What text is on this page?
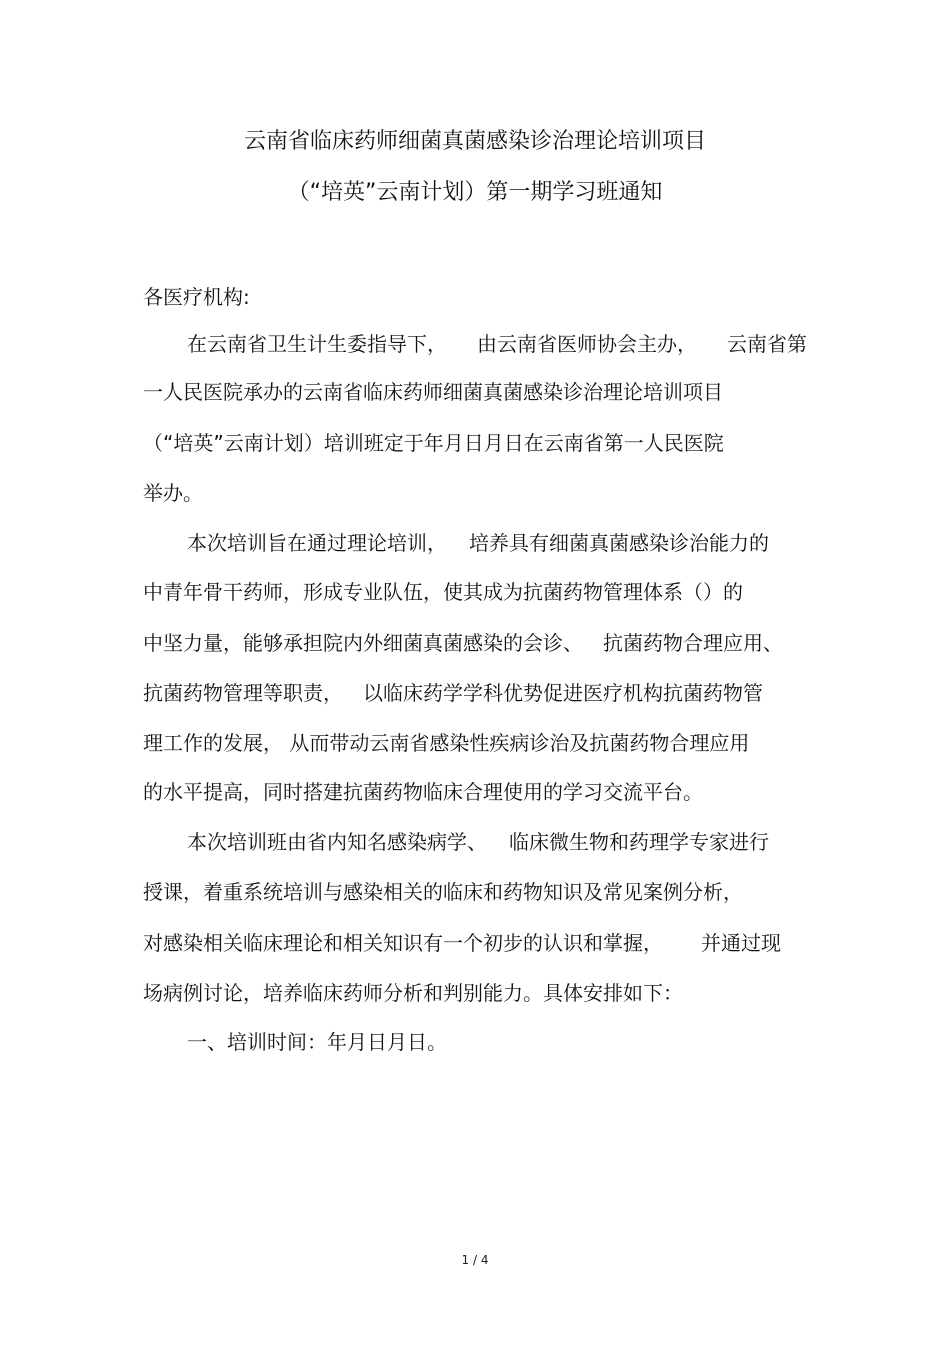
云南省临床药师细菌真菌感染诊治理论培训项目
（“培英”云南计划）第一期学习班通知
各医疗机构:
在云南省卫生计生委指导下， 由云南省医师协会主办， 云南省第
一人民医院承办的云南省临床药师细菌真菌感染诊治理论培训项目
（“培英”云南计划）培训班定于年月日月日在云南省第一人民医院
举办。
本次培训旨在通过理论培训， 培养具有细菌真菌感染诊治能力的
中青年骨干药师，形成专业队伍，使其成为抗菌药物管理体系（）的
中坚力量，能够承担院内外细菌真菌感染的会诊、 抗菌药物合理应用、
抗菌药物管理等职责， 以临床药学学科优势促进医疗机构抗菌药物管
理工作的发展， 从而带动云南省感染性疾病诊治及抗菌药物合理应用
的水平提高，同时搭建抗菌药物临床合理使用的学习交流平台。
本次培训班由省内知名感染病学、 临床微生物和药理学专家进行
授课，着重系统培训与感染相关的临床和药物知识及常见案例分析，
对感染相关临床理论和相关知识有一个初步的认识和掌握， 并通过现
场病例讨论，培养临床药师分析和判别能力。具体安排如下：
一、培训时间：年月日月日。
1 / 4
